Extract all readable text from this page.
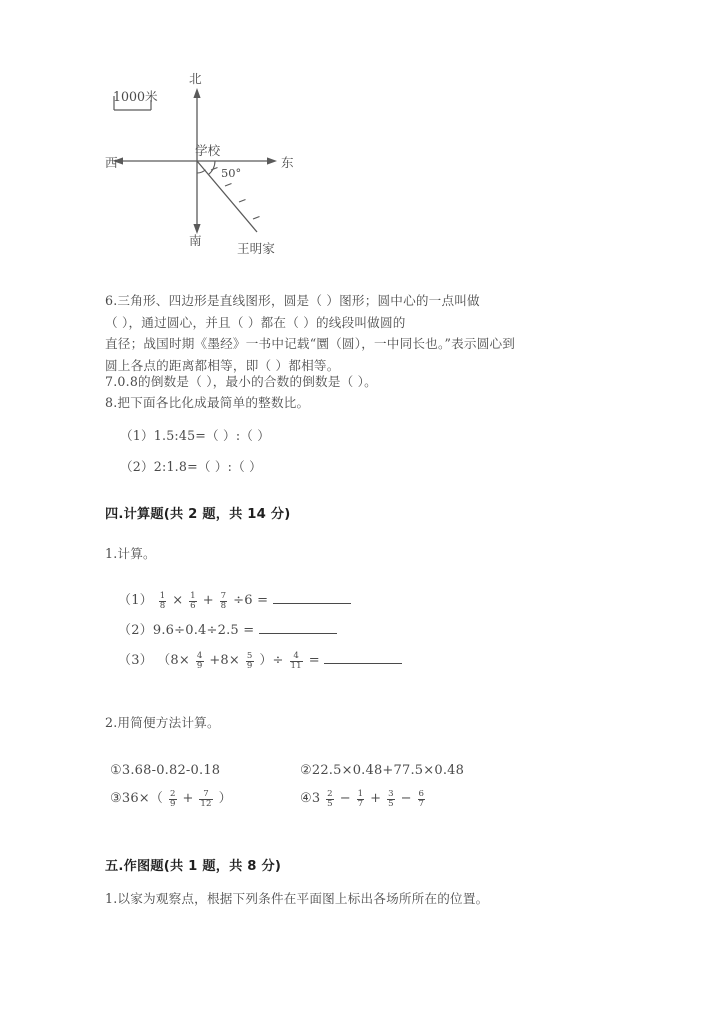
1000米
北
南
东
西
学校
50°
王明家
6.三角形、四边形是直线图形，圆是（ ）图形；圆中心的一点叫做
（ ），通过圆心，并且（ ）都在（ ）的线段叫做圆的
直径；战国时期《墨经》一书中记载“圜（圆），一中同长也。”表示圆心到
圆上各点的距离都相等，即（ ）都相等。
7.0.8的倒数是（ ），最小的合数的倒数是（ ）。
8.把下面各比化成最简单的整数比。
（1）1.5:45=（ ）:（ ）
（2）2:1.8=（ ）:（ ）
四.计算题(共 2 题，共 14 分)
1.计算。
$(1) \frac{1}{8} \times \frac{1}{6} + \frac{7}{8} \div 6$ =
（2）9.6÷0.4÷2.5 =
（3） （$8\times \frac{4}{9} +8\times \frac{5}{9}$ ）÷ $\frac{4}{11}$ =
2.用简便方法计算。
①3.68-0.82-0.18	②22.5×0.48+77.5×0.48
③36×（ $\frac{2}{9} + \frac{7}{12}$ ）	④3 $\frac{2}{5} - \frac{1}{7} + \frac{3}{5} - \frac{6}{7}$
五.作图题(共 1 题，共 8 分)
1.以家为观察点，根据下列条件在平面图上标出各场所所在的位置。
